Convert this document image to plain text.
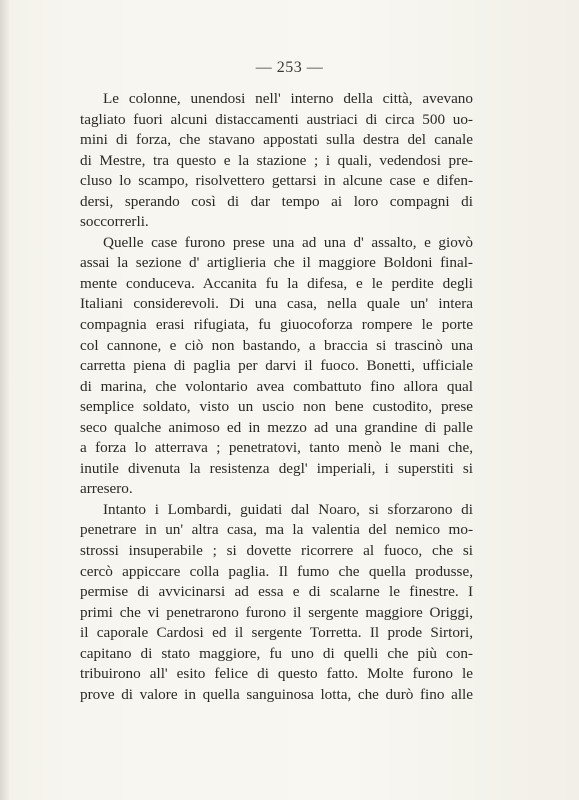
— 253 —

Le colonne, unendosi nell' interno della città, avevano
tagliato fuori alcuni distaccamenti austriaci di circa 500 uo-
mini di forza, che stavano appostati sulla destra del canale
di Mestre, tra questo e la stazione ; i quali, vedendosi pre-
cluso lo scampo, risolvettero gettarsi in alcune case e difen-
dersi, sperando così di dar tempo ai loro compagni di
soccorrerli.

Quelle case furono prese una ad una d' assalto, e giovò
assai la sezione d' artiglieria che il maggiore Boldoni final-
mente conduceva. Accanita fu la difesa, e le perdite degli
Italiani considerevoli. Di una casa, nella quale un' intera
compagnia erasi rifugiata, fu giuocoforza rompere le porte
col cannone, e ciò non bastando, a braccia si trascinò una
carretta piena di paglia per darvi il fuoco. Bonetti, ufficiale
di marina, che volontario avea combattuto fino allora qual
semplice soldato, visto un uscio non bene custodito, prese
seco qualche animoso ed in mezzo ad una grandine di palle
a forza lo atterrava ; penetratovi, tanto menò le mani che,
inutile divenuta la resistenza degl' imperiali, i superstiti si
arresero.

Intanto i Lombardi, guidati dal Noaro, si sforzarono di
penetrare in un' altra casa, ma la valentia del nemico mo-
strossi insuperabile ; si dovette ricorrere al fuoco, che si
cercò appiccare colla paglia. Il fumo che quella produsse,
permise di avvicinarsi ad essa e di scalarne le finestre. I
primi che vi penetrarono furono il sergente maggiore Origgi,
il caporale Cardosi ed il sergente Torretta. Il prode Sirtori,
capitano di stato maggiore, fu uno di quelli che più con-
tribuirono all' esito felice di questo fatto. Molte furono le
prove di valore in quella sanguinosa lotta, che durò fino alle
